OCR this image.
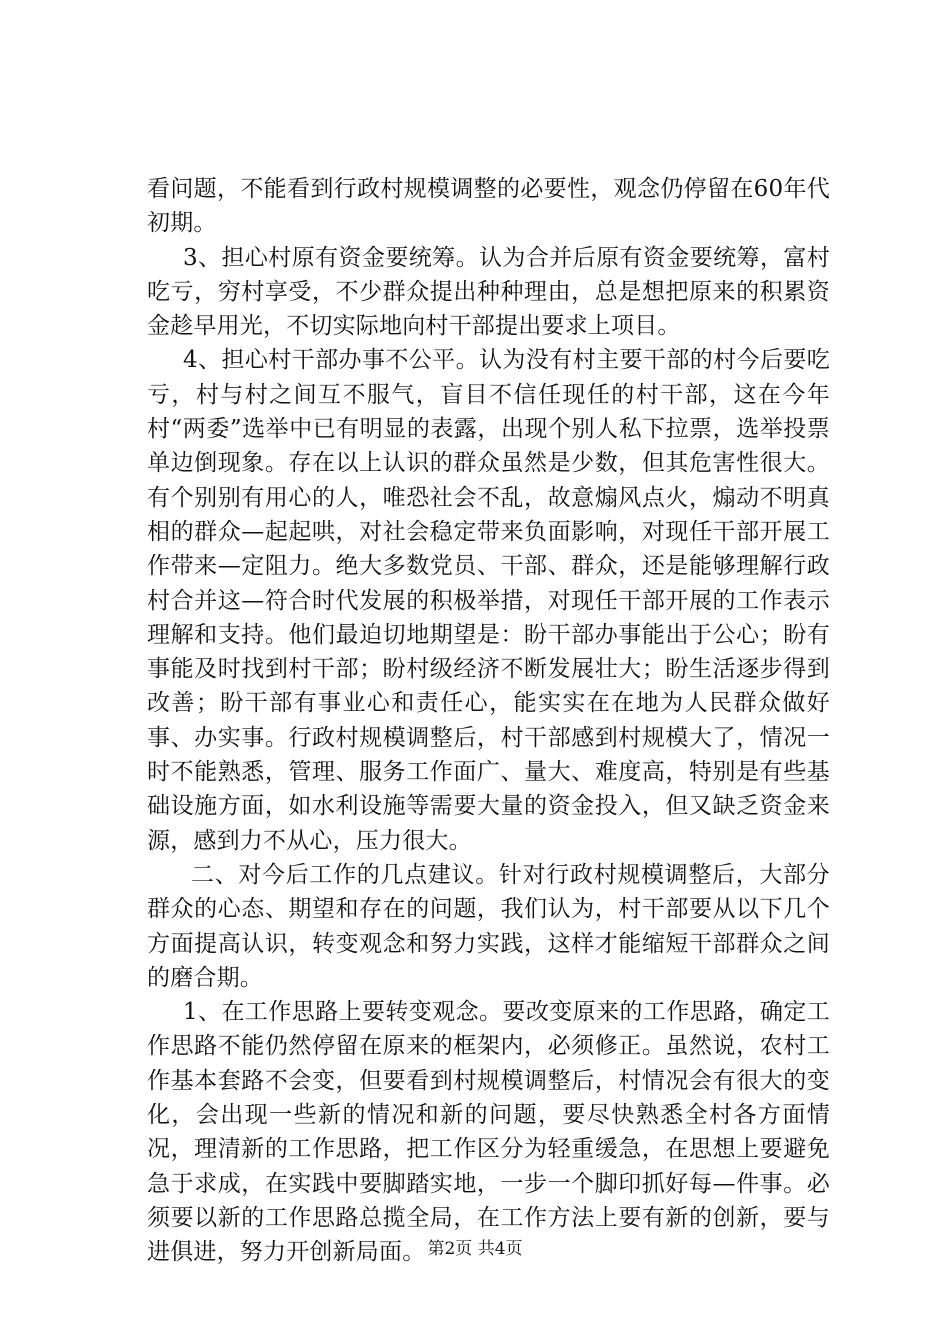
看问题，不能看到行政村规模调整的必要性，观念仍停留在60年代初期。

3、担心村原有资金要统筹。认为合并后原有资金要统筹，富村吃亏，穷村享受，不少群众提出种种理由，总是想把原来的积累资金趁早用光，不切实际地向村干部提出要求上项目。

4、担心村干部办事不公平。认为没有村主要干部的村今后要吃亏，村与村之间互不服气，盲目不信任现任的村干部，这在今年村“两委”选举中已有明显的表露，出现个别人私下拉票，选举投票单边倒现象。存在以上认识的群众虽然是少数，但其危害性很大。有个别别有用心的人，唯恐社会不乱，故意煽风点火，煽动不明真相的群众—起起哄，对社会稳定带来负面影响，对现任干部开展工作带来—定阻力。绝大多数党员、干部、群众，还是能够理解行政村合并这—符合时代发展的积极举措，对现任干部开展的工作表示理解和支持。他们最迫切地期望是：盼干部办事能出于公心；盼有事能及时找到村干部；盼村级经济不断发展壮大；盼生活逐步得到改善；盼干部有事业心和责任心，能实实在在地为人民群众做好事、办实事。行政村规模调整后，村干部感到村规模大了，情况一时不能熟悉，管理、服务工作面广、量大、难度高，特别是有些基础设施方面，如水利设施等需要大量的资金投入，但又缺乏资金来源，感到力不从心，压力很大。

二、对今后工作的几点建议。针对行政村规模调整后，大部分群众的心态、期望和存在的问题，我们认为，村干部要从以下几个方面提高认识，转变观念和努力实践，这样才能缩短干部群众之间的磨合期。

1、在工作思路上要转变观念。要改变原来的工作思路，确定工作思路不能仍然停留在原来的框架内，必须修正。虽然说，农村工作基本套路不会变，但要看到村规模调整后，村情况会有很大的变化，会出现一些新的情况和新的问题，要尽快熟悉全村各方面情况，理清新的工作思路，把工作区分为轻重缓急，在思想上要避免急于求成，在实践中要脚踏实地，一步一个脚印抓好每—件事。必须要以新的工作思路总揽全局，在工作方法上要有新的创新，要与进俱进，努力开创新局面。 第2页 共4页
